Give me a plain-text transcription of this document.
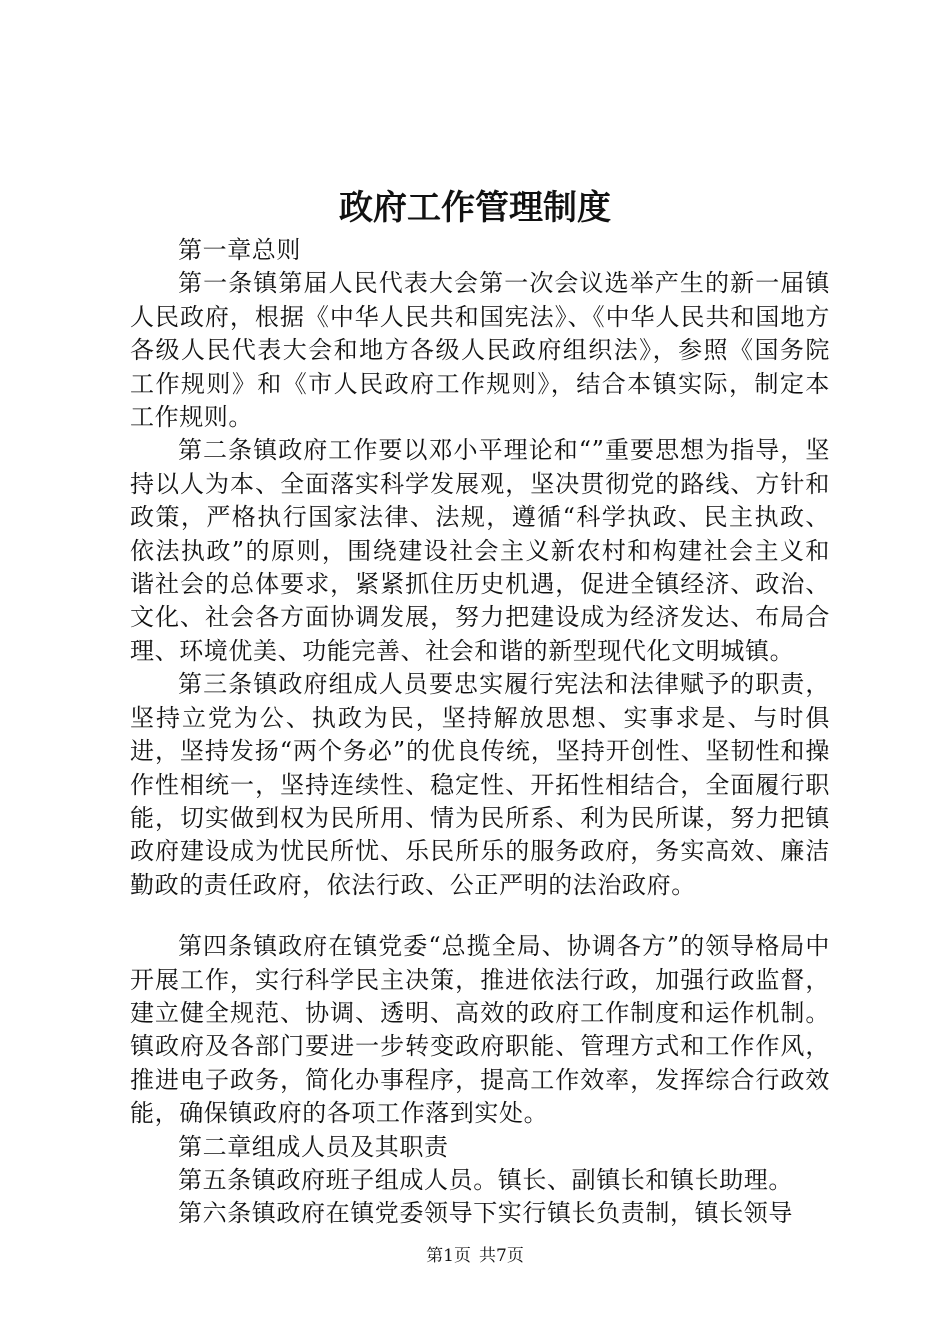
政府工作管理制度

第一章总则

第一条镇第届人民代表大会第一次会议选举产生的新一届镇人民政府，根据《中华人民共和国宪法》、《中华人民共和国地方各级人民代表大会和地方各级人民政府组织法》，参照《国务院工作规则》和《市人民政府工作规则》，结合本镇实际，制定本工作规则。

第二条镇政府工作要以邓小平理论和“”重要思想为指导，坚持以人为本、全面落实科学发展观，坚决贯彻党的路线、方针和政策，严格执行国家法律、法规，遵循“科学执政、民主执政、依法执政”的原则，围绕建设社会主义新农村和构建社会主义和谐社会的总体要求，紧紧抓住历史机遇，促进全镇经济、政治、文化、社会各方面协调发展，努力把建设成为经济发达、布局合理、环境优美、功能完善、社会和谐的新型现代化文明城镇。

第三条镇政府组成人员要忠实履行宪法和法律赋予的职责，坚持立党为公、执政为民，坚持解放思想、实事求是、与时俱进，坚持发扬“两个务必”的优良传统，坚持开创性、坚韧性和操作性相统一，坚持连续性、稳定性、开拓性相结合，全面履行职能，切实做到权为民所用、情为民所系、利为民所谋，努力把镇政府建设成为忧民所忧、乐民所乐的服务政府，务实高效、廉洁勤政的责任政府，依法行政、公正严明的法治政府。

第四条镇政府在镇党委“总揽全局、协调各方”的领导格局中开展工作，实行科学民主决策，推进依法行政，加强行政监督，建立健全规范、协调、透明、高效的政府工作制度和运作机制。镇政府及各部门要进一步转变政府职能、管理方式和工作作风，推进电子政务，简化办事程序，提高工作效率，发挥综合行政效能，确保镇政府的各项工作落到实处。

第二章组成人员及其职责

第五条镇政府班子组成人员。镇长、副镇长和镇长助理。

第六条镇政府在镇党委领导下实行镇长负责制，镇长领导

第1页 共7页
